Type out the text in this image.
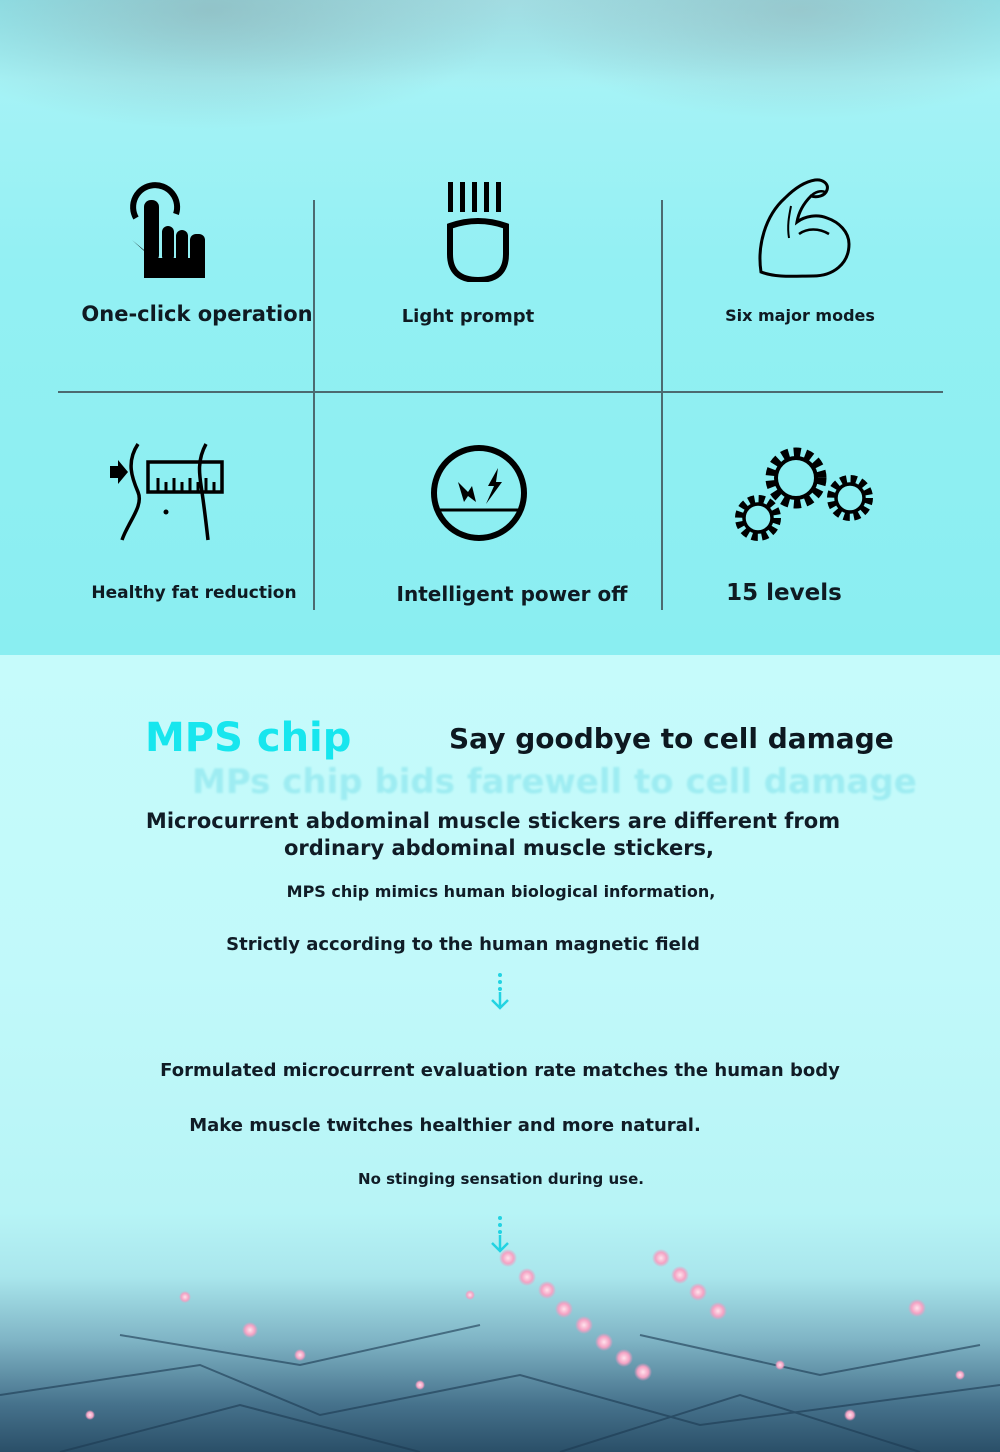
One-click operation	Light prompt	Six major modes
Healthy fat reduction	Intelligent power off	15 levels
MPS chip	Say goodbye to cell damage
MPs chip bids farewell to cell damage
Microcurrent abdominal muscle stickers are different from
ordinary abdominal muscle stickers,
MPS chip mimics human biological information,
Strictly according to the human magnetic field
Formulated microcurrent evaluation rate matches the human body
Make muscle twitches healthier and more natural.
No stinging sensation during use.
